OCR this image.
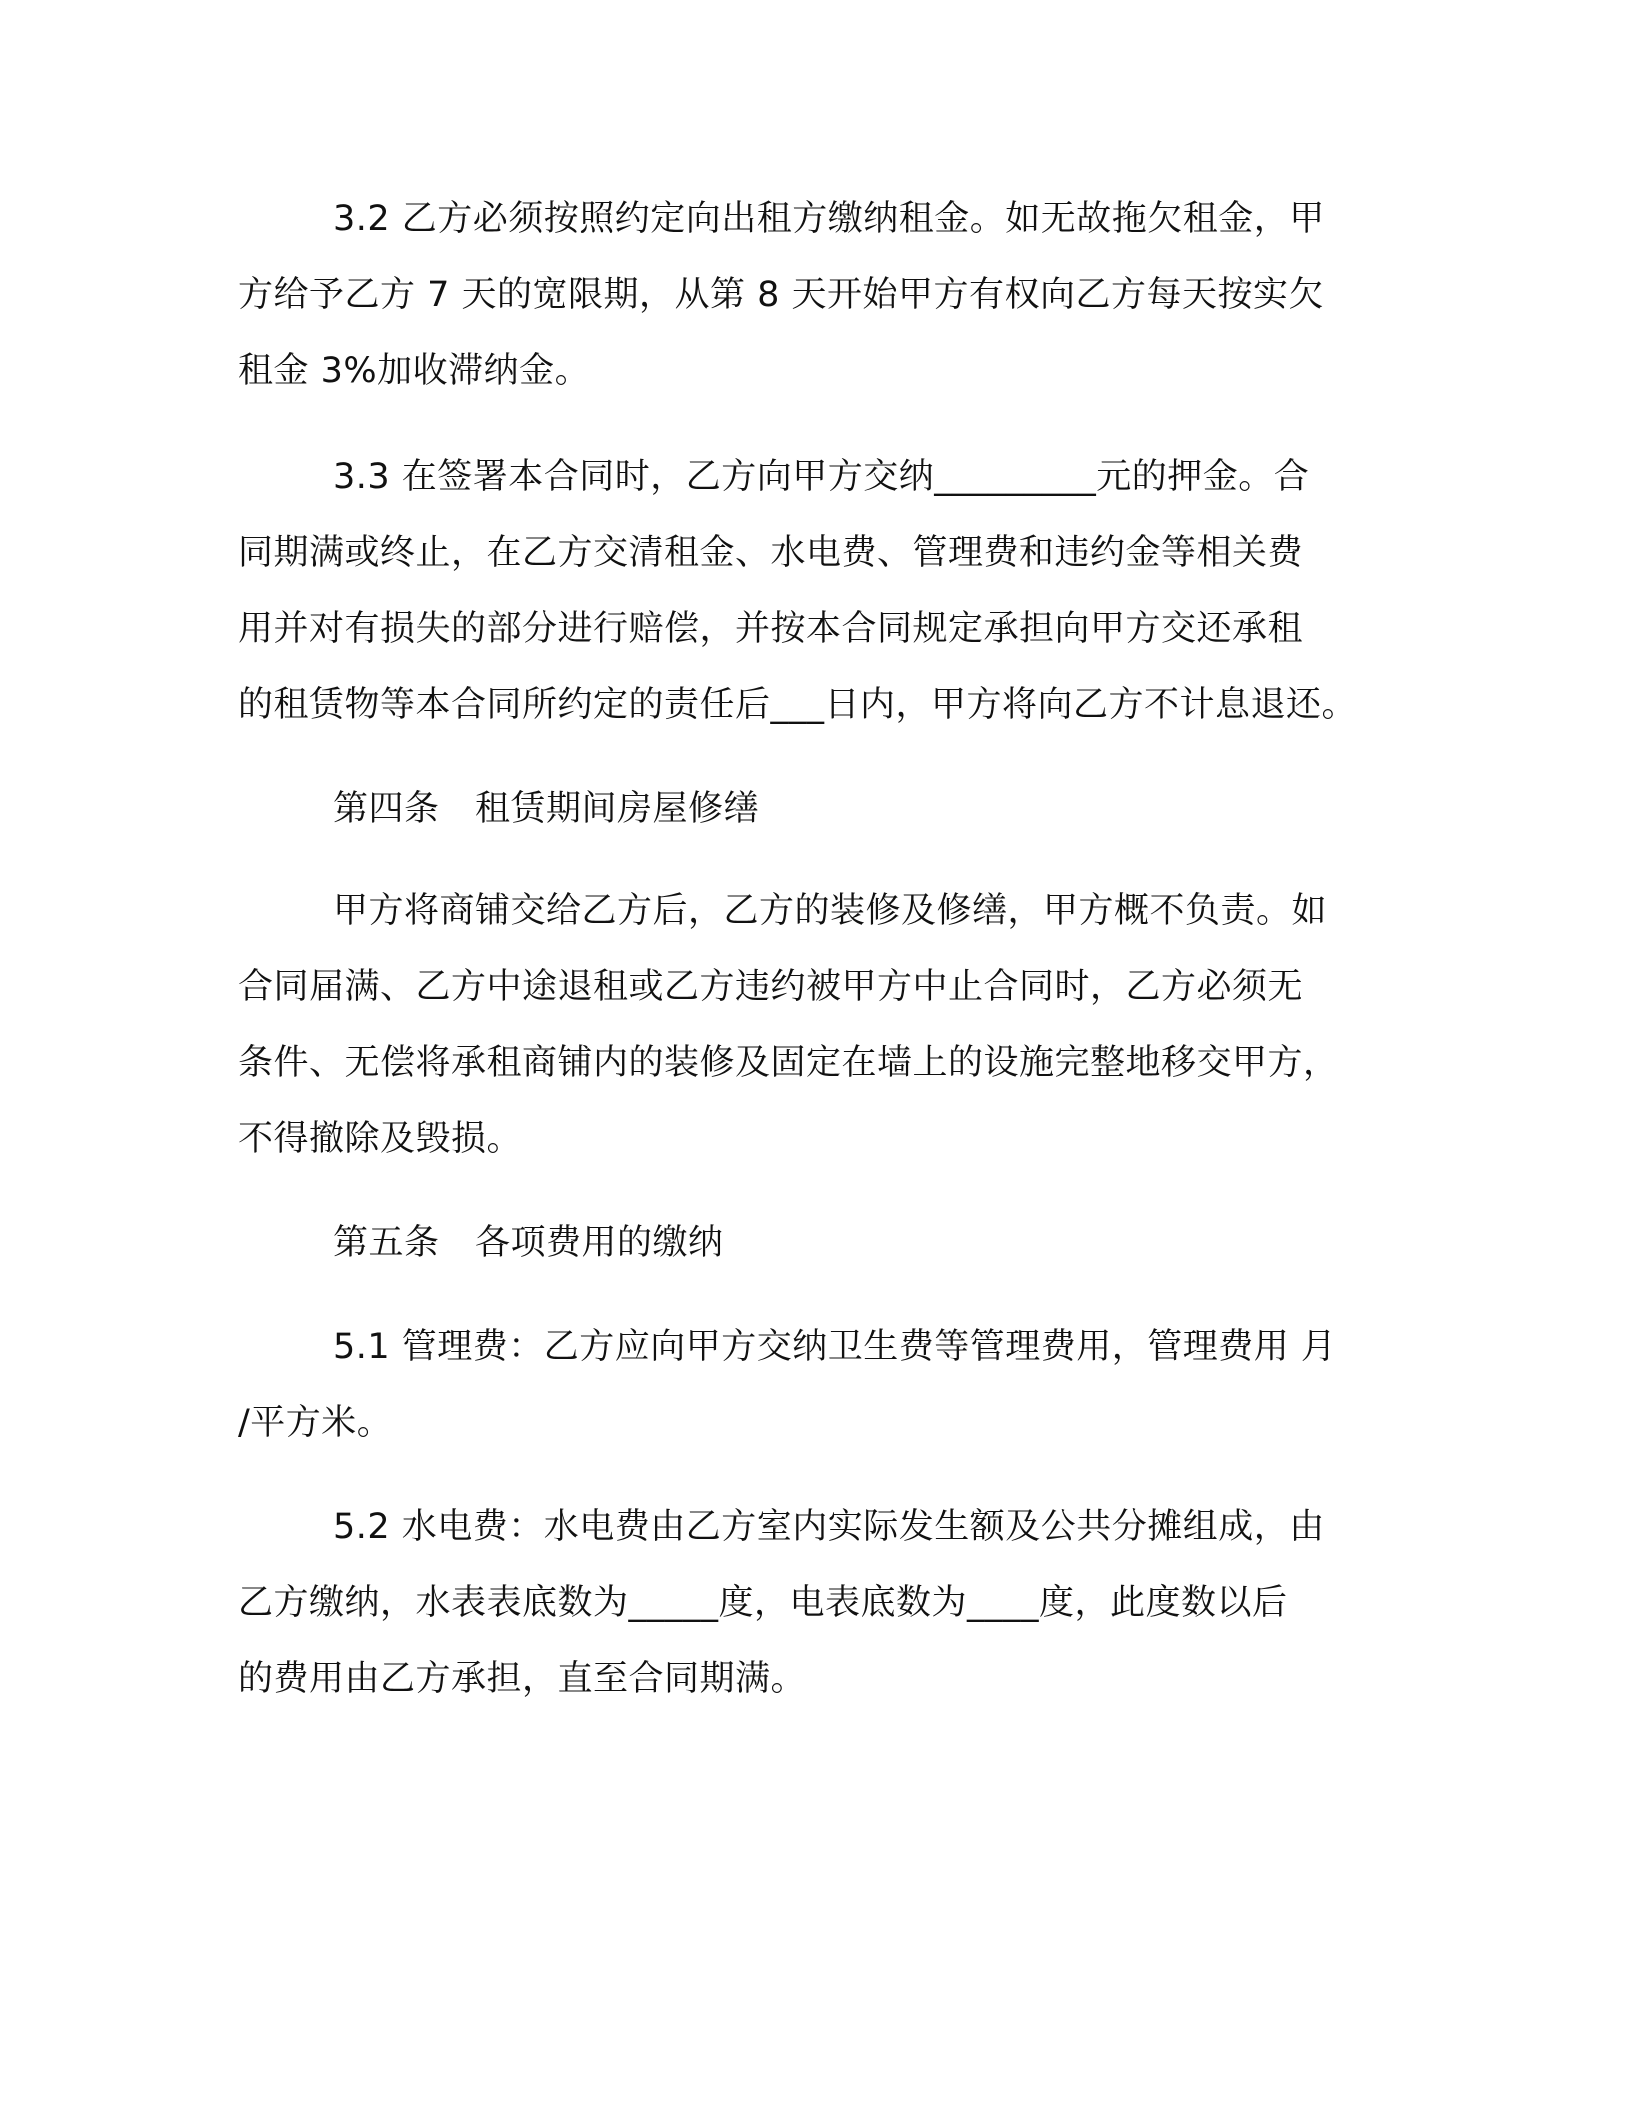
3.2 乙方必须按照约定向出租方缴纳租金。如无故拖欠租金，甲
方给予乙方 7 天的宽限期，从第 8 天开始甲方有权向乙方每天按实欠
租金 3%加收滞纳金。
3.3 在签署本合同时，乙方向甲方交纳_________元的押金。合
同期满或终止，在乙方交清租金、水电费、管理费和违约金等相关费
用并对有损失的部分进行赔偿，并按本合同规定承担向甲方交还承租
的租赁物等本合同所约定的责任后___日内，甲方将向乙方不计息退还。
第四条　租赁期间房屋修缮
甲方将商铺交给乙方后，乙方的装修及修缮，甲方概不负责。如
合同届满、乙方中途退租或乙方违约被甲方中止合同时，乙方必须无
条件、无偿将承租商铺内的装修及固定在墙上的设施完整地移交甲方，
不得撤除及毁损。
第五条　各项费用的缴纳
5.1 管理费：乙方应向甲方交纳卫生费等管理费用，管理费用 月
/平方米。
5.2 水电费：水电费由乙方室内实际发生额及公共分摊组成，由
乙方缴纳，水表表底数为_____度，电表底数为____度，此度数以后
的费用由乙方承担，直至合同期满。
